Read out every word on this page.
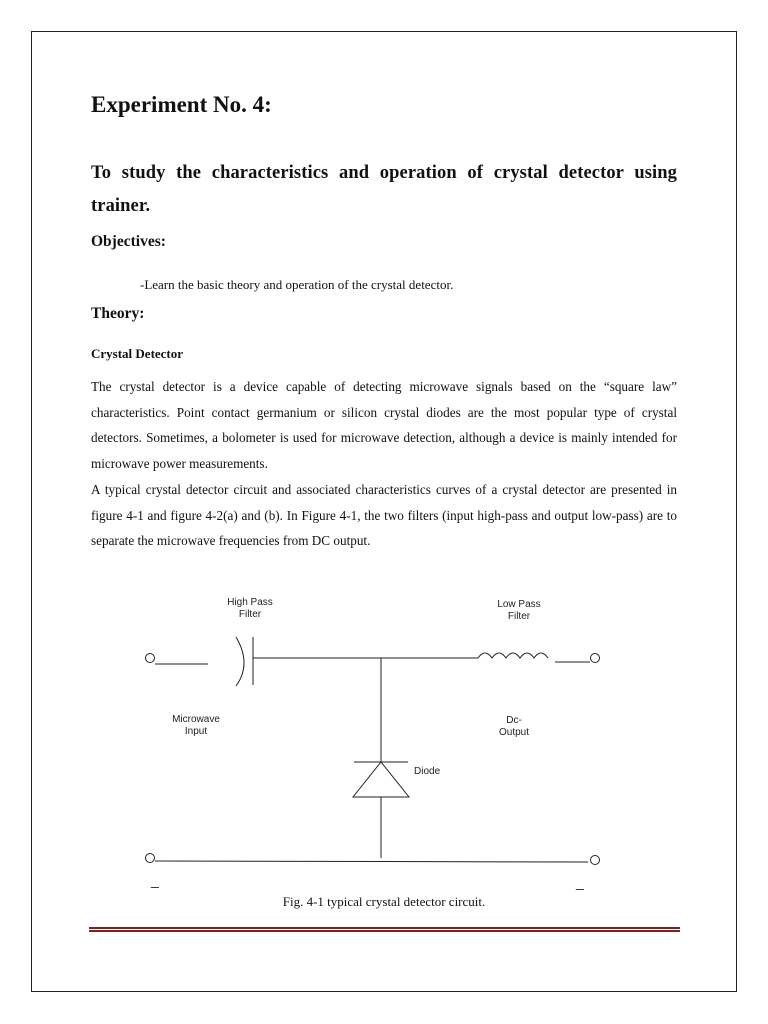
Experiment No. 4:
To study the characteristics and operation of crystal detector using trainer.
Objectives:

-Learn the basic theory and operation of the crystal detector.

Theory:

Crystal Detector

The crystal detector is a device capable of detecting microwave signals based on the “square law” characteristics. Point contact germanium or silicon crystal diodes are the most popular type of crystal detectors. Sometimes, a bolometer is used for microwave detection, although a device is mainly intended for microwave power measurements.

A typical crystal detector circuit and associated characteristics curves of a crystal detector are presented in figure 4-1 and figure 4-2(a) and (b). In Figure 4-1, the two filters (input high-pass and output low-pass) are to separate the microwave frequencies from DC output.

High Pass
Filter
Low Pass
Filter
Microwave
Input
Dc-
Output
Diode
_	_

Fig. 4-1 typical crystal detector circuit.
